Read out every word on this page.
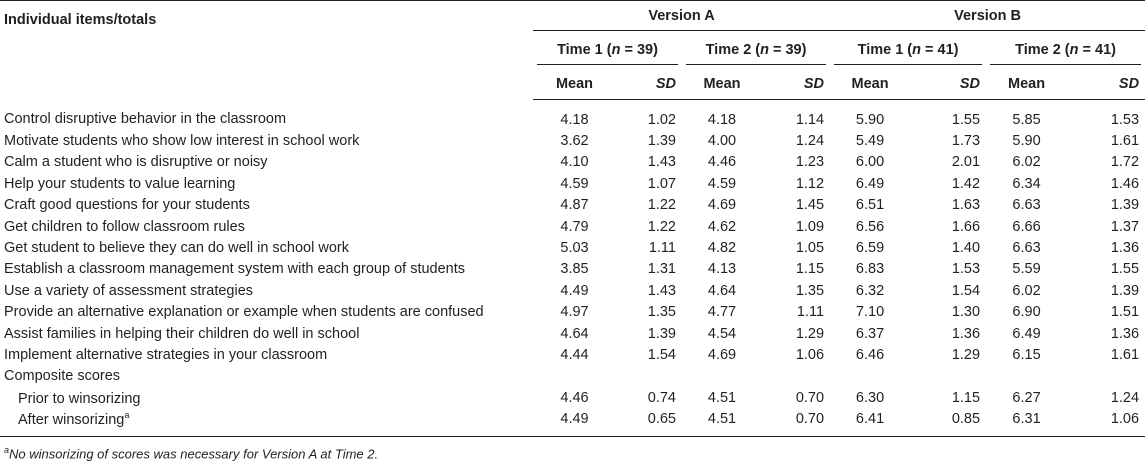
Individual items/totals	Version A				Version B			

	Time 1 (n = 39)		Time 2 (n = 39)		Time 1 (n = 41)		Time 2 (n = 41)	

	Mean	SD	Mean	SD	Mean	SD	Mean	SD
Control disruptive behavior in the classroom	4.18	1.02	4.18	1.14	5.90	1.55	5.85	1.53
Motivate students who show low interest in school work	3.62	1.39	4.00	1.24	5.49	1.73	5.90	1.61
Calm a student who is disruptive or noisy	4.10	1.43	4.46	1.23	6.00	2.01	6.02	1.72
Help your students to value learning	4.59	1.07	4.59	1.12	6.49	1.42	6.34	1.46
Craft good questions for your students	4.87	1.22	4.69	1.45	6.51	1.63	6.63	1.39
Get children to follow classroom rules	4.79	1.22	4.62	1.09	6.56	1.66	6.66	1.37
Get student to believe they can do well in school work	5.03	1.11	4.82	1.05	6.59	1.40	6.63	1.36
Establish a classroom management system with each group of students	3.85	1.31	4.13	1.15	6.83	1.53	5.59	1.55
Use a variety of assessment strategies	4.49	1.43	4.64	1.35	6.32	1.54	6.02	1.39
Provide an alternative explanation or example when students are confused	4.97	1.35	4.77	1.11	7.10	1.30	6.90	1.51
Assist families in helping their children do well in school	4.64	1.39	4.54	1.29	6.37	1.36	6.49	1.36
Implement alternative strategies in your classroom	4.44	1.54	4.69	1.06	6.46	1.29	6.15	1.61
Composite scores								
Prior to winsorizing	4.46	0.74	4.51	0.70	6.30	1.15	6.27	1.24
After winsorizing$^a$	4.49	0.65	4.51	0.70	6.41	0.85	6.31	1.06
$^a$No winsorizing of scores was necessary for Version A at Time 2.
